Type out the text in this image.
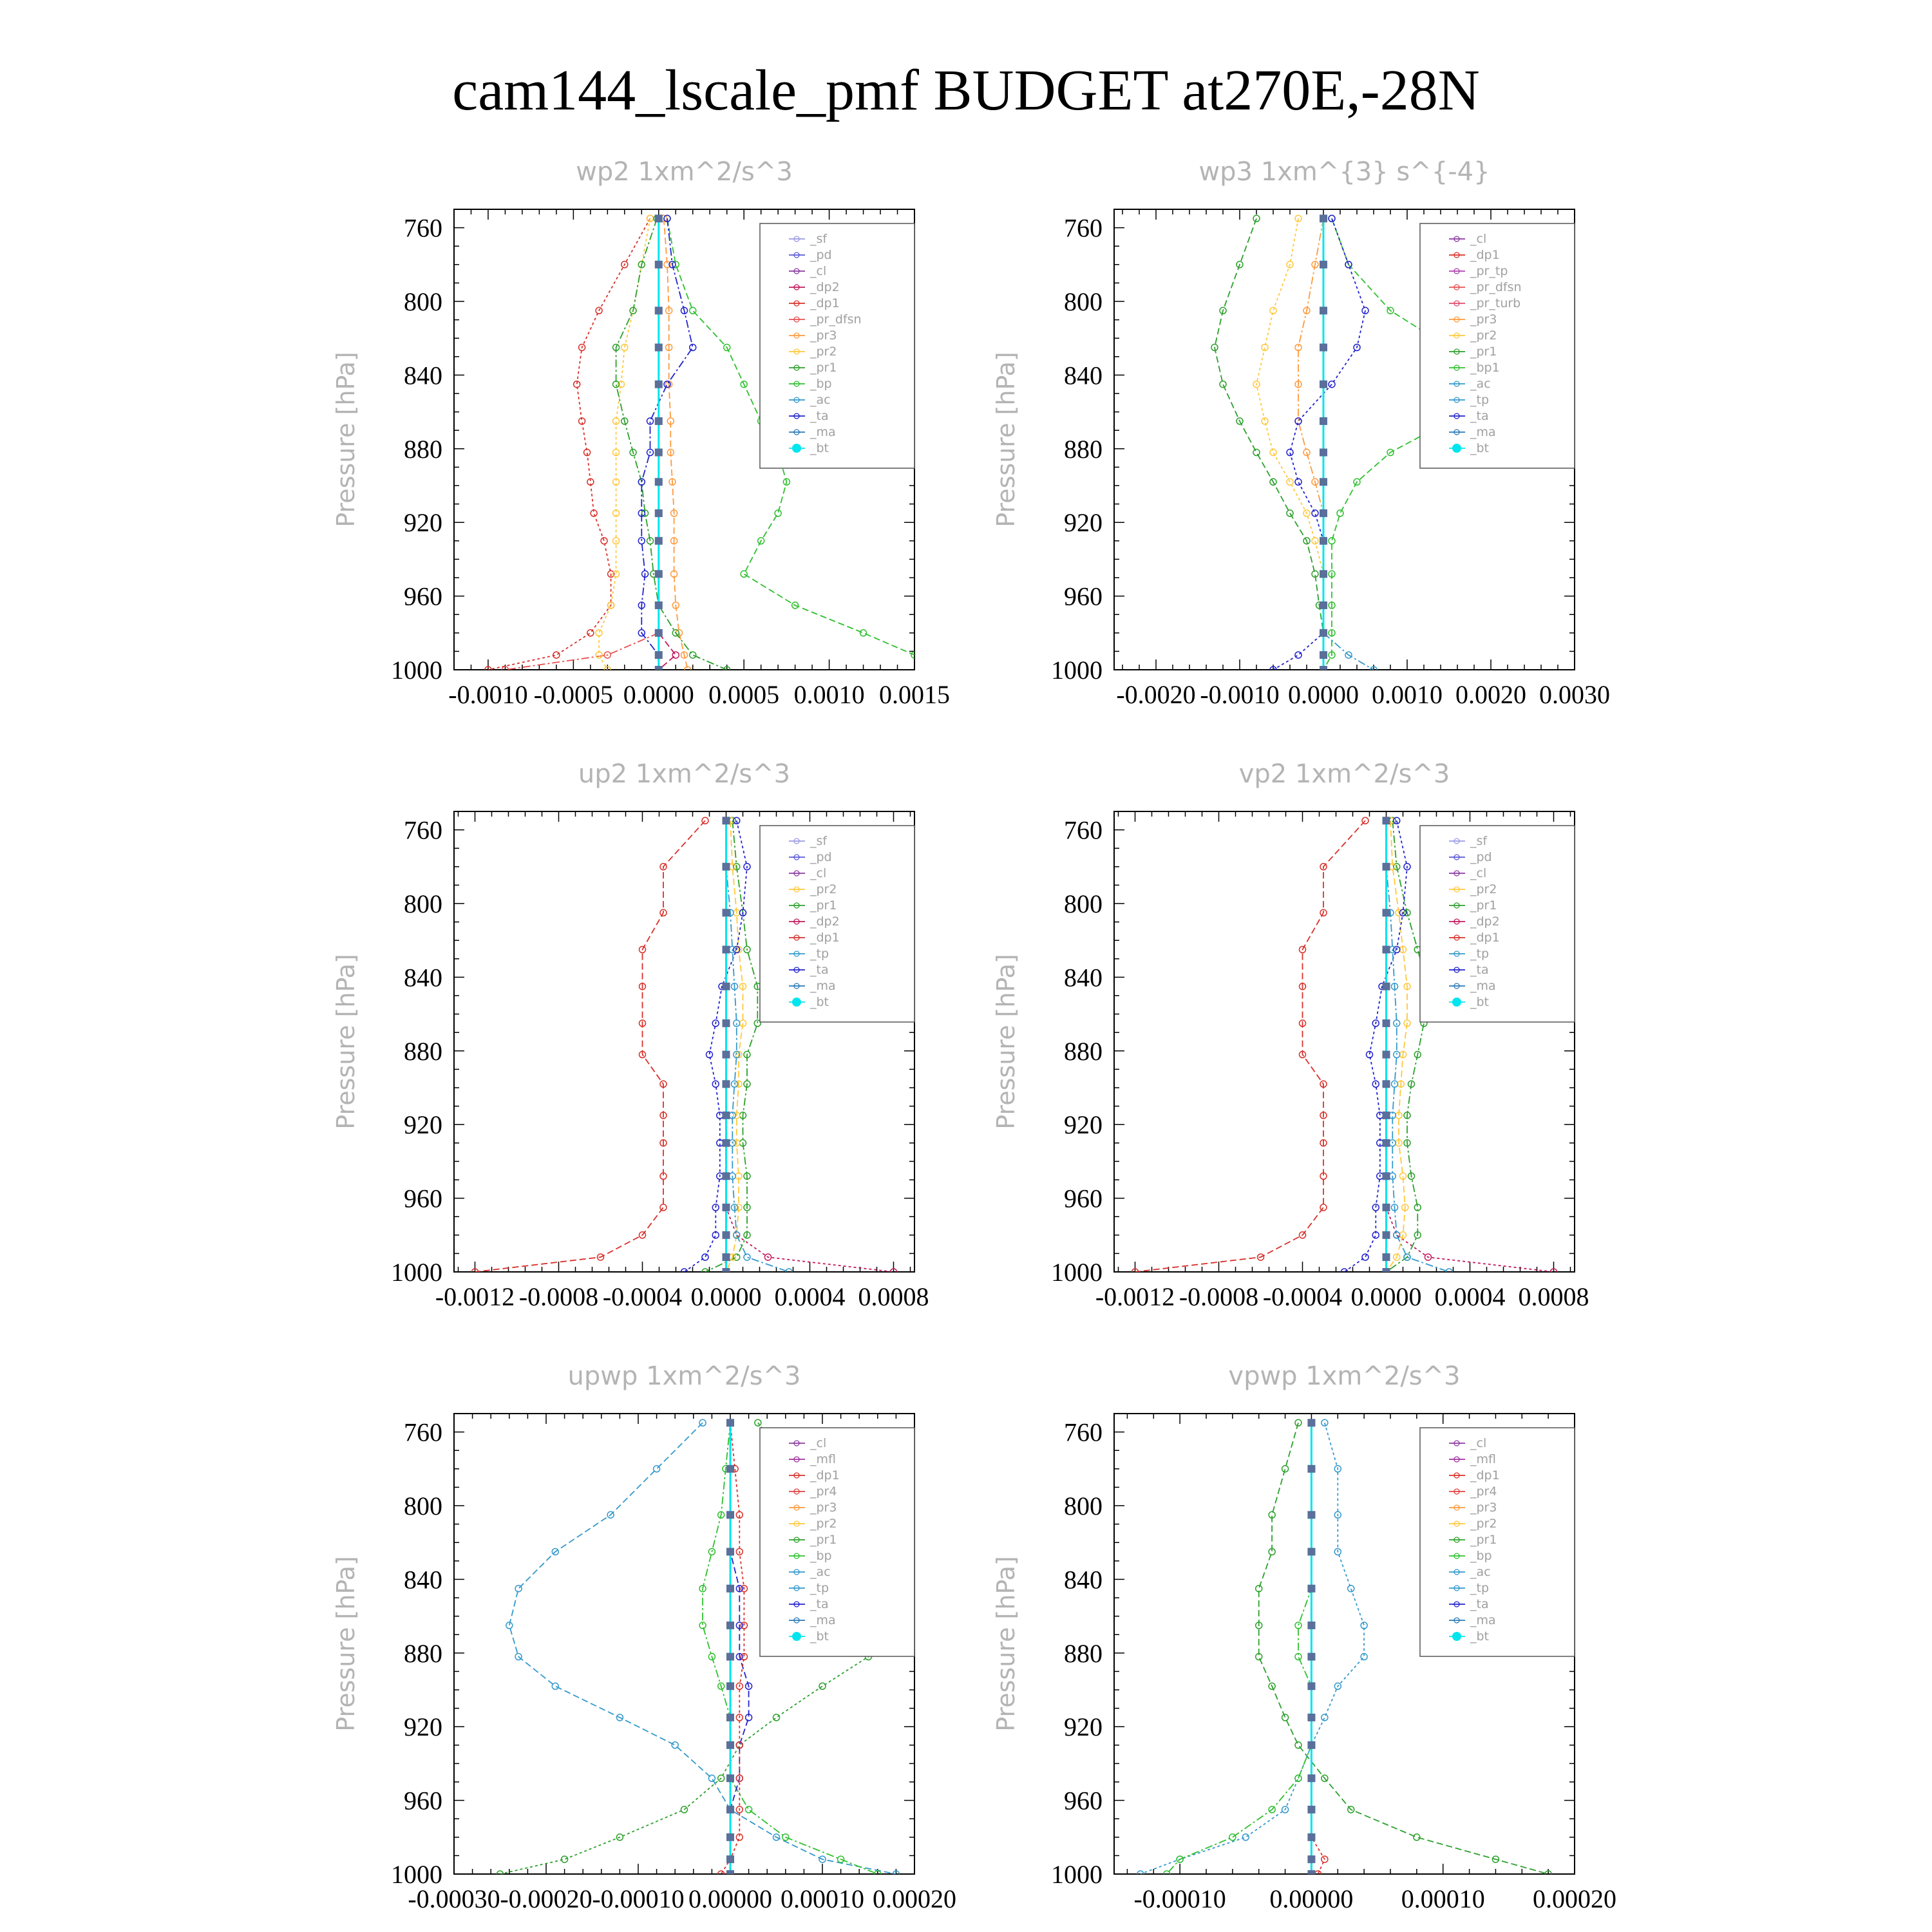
cam144_lscale_pmf BUDGET at270E,-28N
wp2 1xm^2/s^3
Pressure [hPa]
-0.0010 -0.0005 0.0000 0.0005 0.0010 0.0015
760
800
840
880
920
960
1000
_sf
_pd
_cl
_dp2
_dp1
_pr_dfsn
_pr3
_pr2
_pr1
_bp
_ac
_ta
_ma
_bt
wp3 1xm^{3} s^{-4}
Pressure [hPa]
-0.0020 -0.0010 0.0000 0.0010 0.0020 0.0030
760
800
840
880
920
960
1000
_cl
_dp1
_pr_tp
_pr_dfsn
_pr_turb
_pr3
_pr2
_pr1
_bp1
_ac
_tp
_ta
_ma
_bt
up2 1xm^2/s^3
Pressure [hPa]
-0.0012 -0.0008 -0.0004 0.0000 0.0004 0.0008
760
800
840
880
920
960
1000
_sf
_pd
_cl
_pr2
_pr1
_dp2
_dp1
_tp
_ta
_ma
_bt
vp2 1xm^2/s^3
Pressure [hPa]
-0.0012 -0.0008 -0.0004 0.0000 0.0004 0.0008
760
800
840
880
920
960
1000
_sf
_pd
_cl
_pr2
_pr1
_dp2
_dp1
_tp
_ta
_ma
_bt
upwp 1xm^2/s^3
Pressure [hPa]
-0.00030 -0.00020 -0.00010 0.00000 0.00010 0.00020
760
800
840
880
920
960
1000
_cl
_mfl
_dp1
_pr4
_pr3
_pr2
_pr1
_bp
_ac
_tp
_ta
_ma
_bt
vpwp 1xm^2/s^3
Pressure [hPa]
-0.00010 0.00000 0.00010 0.00020
760
800
840
880
920
960
1000
_cl
_mfl
_dp1
_pr4
_pr3
_pr2
_pr1
_bp
_ac
_tp
_ta
_ma
_bt
